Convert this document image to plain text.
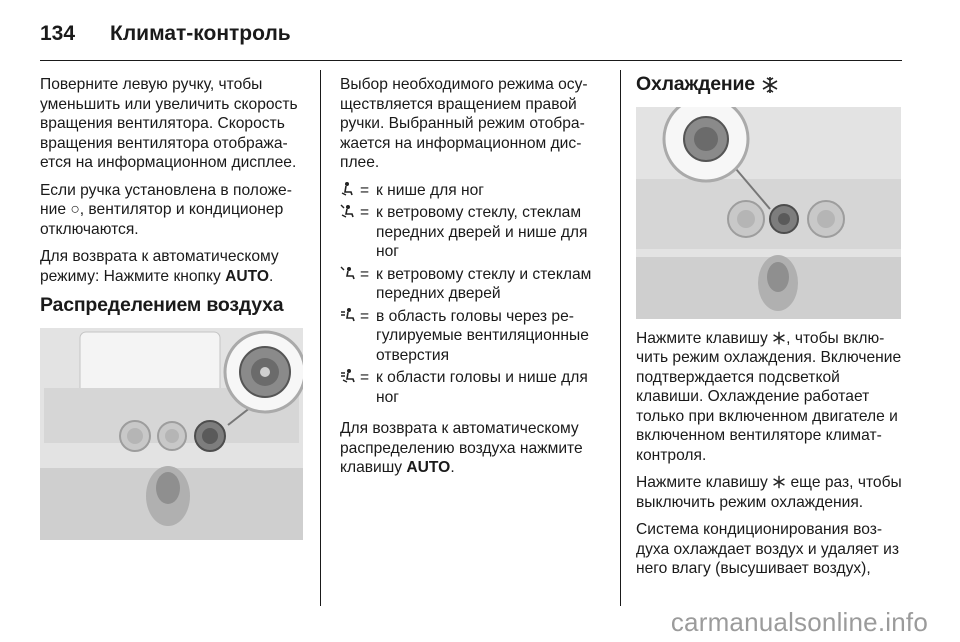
134	Климат-контроль

Поверните левую ручку, чтобы уменьшить или увеличить скорость вращения вентилятора. Скорость вращения вентилятора отображается на информационном дисплее.

Если ручка установлена в положение ○, вентилятор и кондиционер отключаются.

Для возврата к автоматическому режиму: Нажмите кнопку AUTO.

Распределением воздуха

Выбор необходимого режима осуществляется вращением правой ручки. Выбранный режим отображается на информационном дисплее.

= к нише для ног
= к ветровому стеклу, стеклам передних дверей и нише для ног
= к ветровому стеклу и стеклам передних дверей
= в область головы через регулируемые вентиляционные отверстия
= к области головы и нише для ног

Для возврата к автоматическому распределению воздуха нажмите клавишу AUTO.

Охлаждение

Нажмите клавишу , чтобы включить режим охлаждения. Включение подтверждается подсветкой клавиши. Охлаждение работает только при включенном двигателе и включенном вентиляторе климат-контроля.

Нажмите клавишу  еще раз, чтобы выключить режим охлаждения.

Система кондиционирования воздуха охлаждает воздух и удаляет из него влагу (высушивает воздух),

carmanualsonline.info
